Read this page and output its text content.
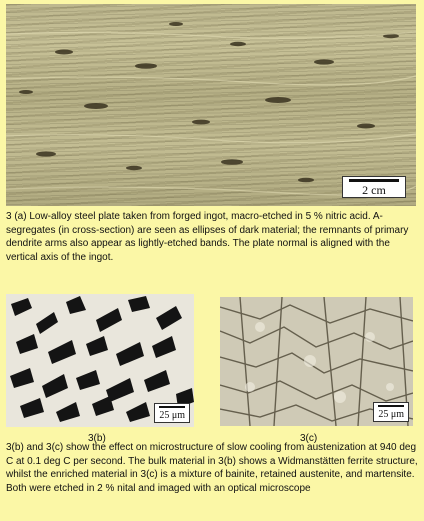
2 cm
3 (a) Low-alloy steel plate taken from forged ingot, macro-etched in 5 % nitric acid. A-segregates (in cross-section) are seen as ellipses of dark material; the remnants of primary dendrite arms also appear as lightly-etched bands. The plate normal is aligned with the vertical axis of the ingot.
25 μm	25 μm
3(b)	3(c)
3(b) and 3(c) show the effect on microstructure of slow cooling from austenization at 940 deg C at 0.1 deg C per second. The bulk material in 3(b) shows a Widmanstätten ferrite structure, whilst the enriched material in 3(c) is a mixture of bainite, retained austenite, and martensite. Both were etched in 2 % nital and imaged with an optical microscope
